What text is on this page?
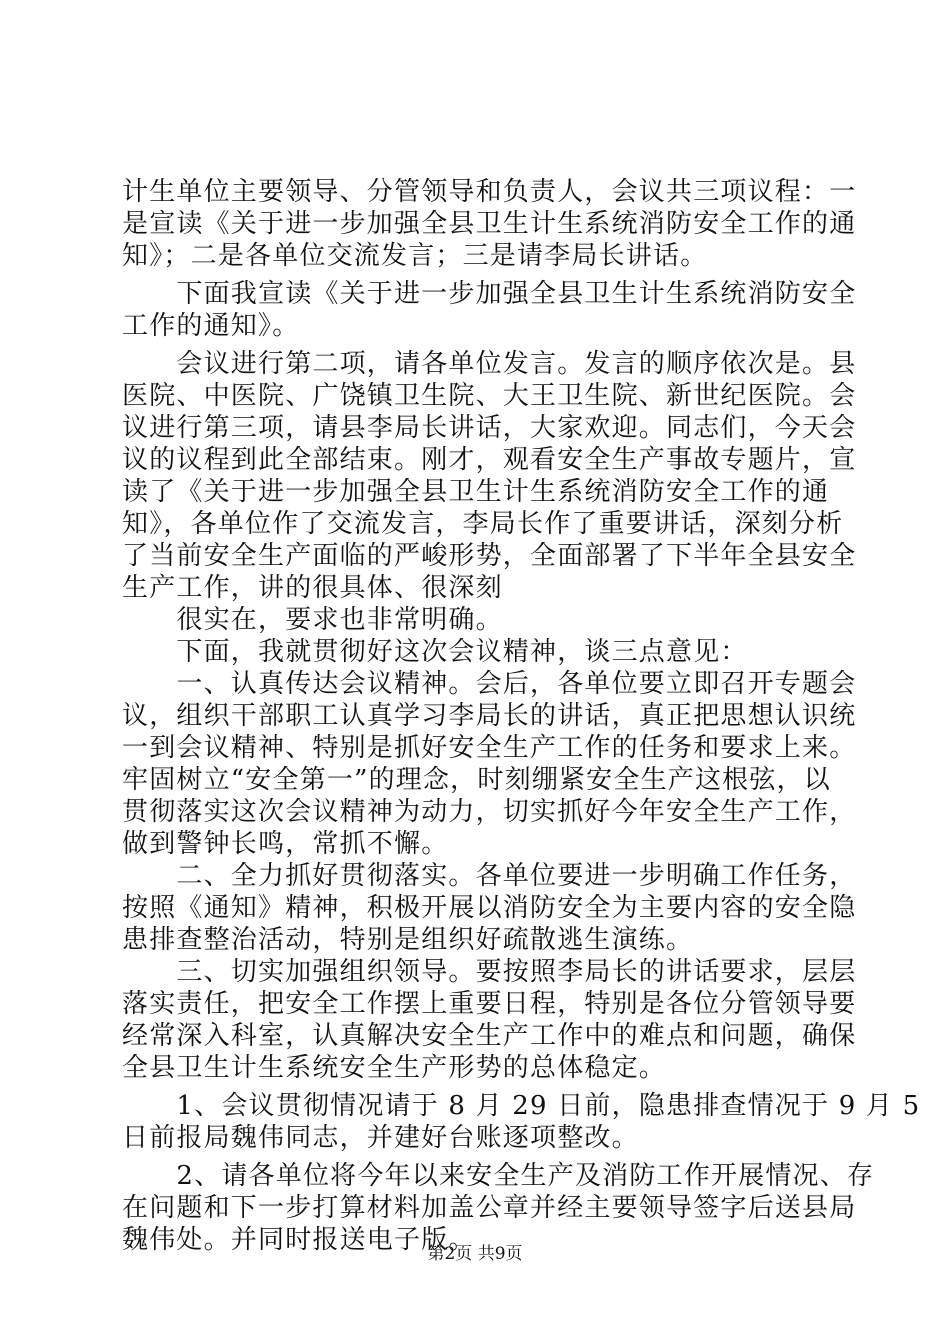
计生单位主要领导、分管领导和负责人，会议共三项议程：一
是宣读《关于进一步加强全县卫生计生系统消防安全工作的通
知》；二是各单位交流发言；三是请李局长讲话。
　　下面我宣读《关于进一步加强全县卫生计生系统消防安全
工作的通知》。
　　会议进行第二项，请各单位发言。发言的顺序依次是。县
医院、中医院、广饶镇卫生院、大王卫生院、新世纪医院。会
议进行第三项，请县李局长讲话，大家欢迎。同志们，今天会
议的议程到此全部结束。刚才，观看安全生产事故专题片，宣
读了《关于进一步加强全县卫生计生系统消防安全工作的通
知》，各单位作了交流发言，李局长作了重要讲话，深刻分析
了当前安全生产面临的严峻形势，全面部署了下半年全县安全
生产工作，讲的很具体、很深刻
　　很实在，要求也非常明确。
　　下面，我就贯彻好这次会议精神，谈三点意见：
　　一、认真传达会议精神。会后，各单位要立即召开专题会
议，组织干部职工认真学习李局长的讲话，真正把思想认识统
一到会议精神、特别是抓好安全生产工作的任务和要求上来。
牢固树立“安全第一”的理念，时刻绷紧安全生产这根弦，以
贯彻落实这次会议精神为动力，切实抓好今年安全生产工作，
做到警钟长鸣，常抓不懈。
　　二、全力抓好贯彻落实。各单位要进一步明确工作任务，
按照《通知》精神，积极开展以消防安全为主要内容的安全隐
患排查整治活动，特别是组织好疏散逃生演练。
　　三、切实加强组织领导。要按照李局长的讲话要求，层层
落实责任，把安全工作摆上重要日程，特别是各位分管领导要
经常深入科室，认真解决安全生产工作中的难点和问题，确保
全县卫生计生系统安全生产形势的总体稳定。
　　1、会议贯彻情况请于 8 月 29 日前，隐患排查情况于 9 月 5
日前报局魏伟同志，并建好台账逐项整改。
　　2、请各单位将今年以来安全生产及消防工作开展情况、存
在问题和下一步打算材料加盖公章并经主要领导签字后送县局
魏伟处。并同时报送电子版。
第2页 共9页
